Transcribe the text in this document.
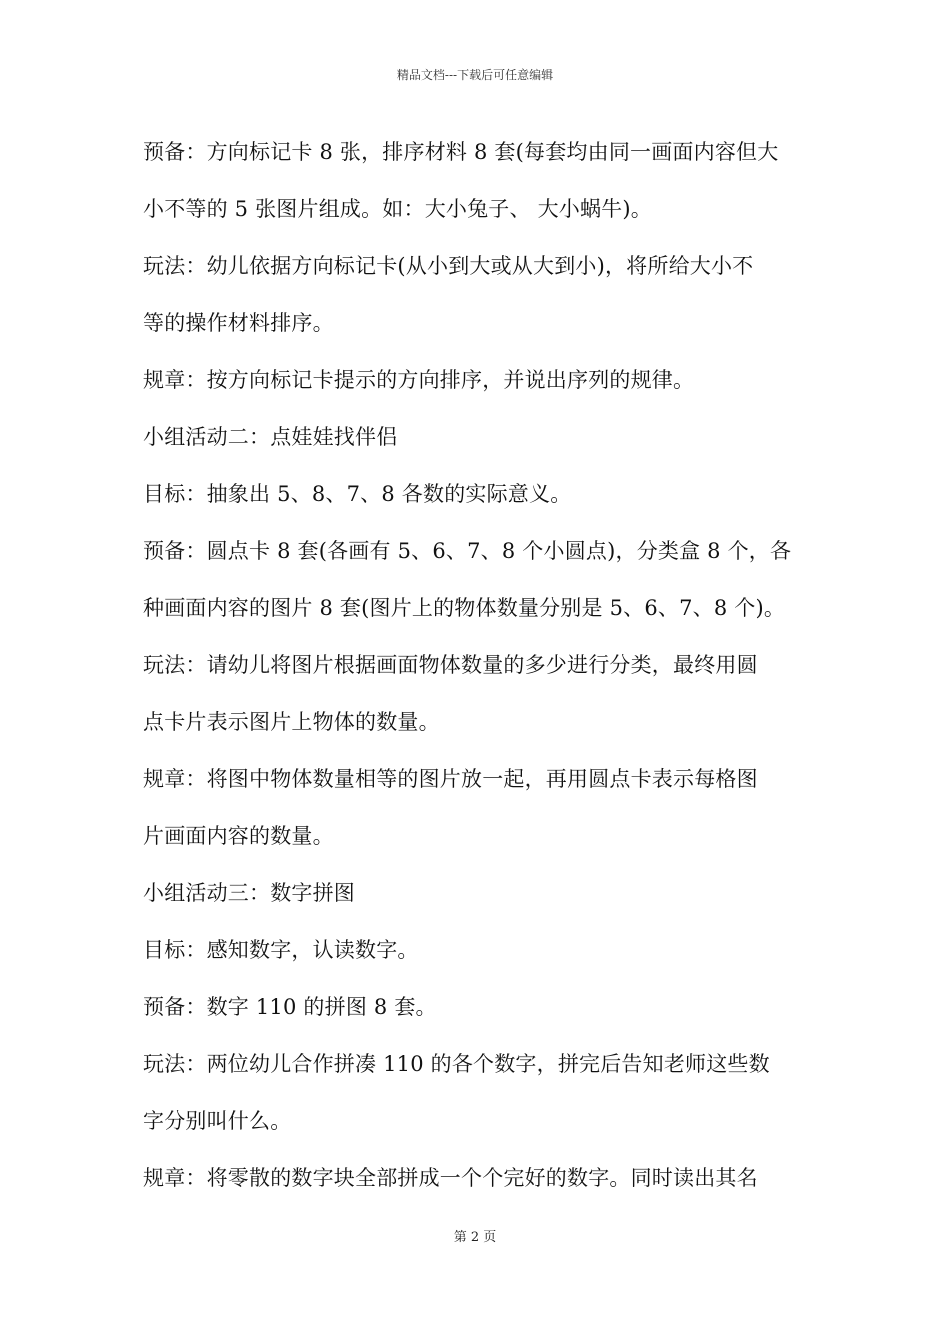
精品文档---下载后可任意编辑
预备：方向标记卡 8 张，排序材料 8 套(每套均由同一画面内容但大
小不等的 5 张图片组成。如：大小兔子、 大小蜗牛)。
玩法：幼儿依据方向标记卡(从小到大或从大到小)，将所给大小不
等的操作材料排序。
规章：按方向标记卡提示的方向排序，并说出序列的规律。
小组活动二：点娃娃找伴侣
目标：抽象出 5、8、7、8 各数的实际意义。
预备：圆点卡 8 套(各画有 5、6、7、8 个小圆点)，分类盒 8 个，各
种画面内容的图片 8 套(图片上的物体数量分别是 5、6、7、8 个)。
玩法：请幼儿将图片根据画面物体数量的多少进行分类，最终用圆
点卡片表示图片上物体的数量。
规章：将图中物体数量相等的图片放一起，再用圆点卡表示每格图
片画面内容的数量。
小组活动三：数字拼图
目标：感知数字，认读数字。
预备：数字 110 的拼图 8 套。
玩法：两位幼儿合作拼凑 110 的各个数字，拼完后告知老师这些数
字分别叫什么。
规章：将零散的数字块全部拼成一个个完好的数字。同时读出其名
第 2 页
